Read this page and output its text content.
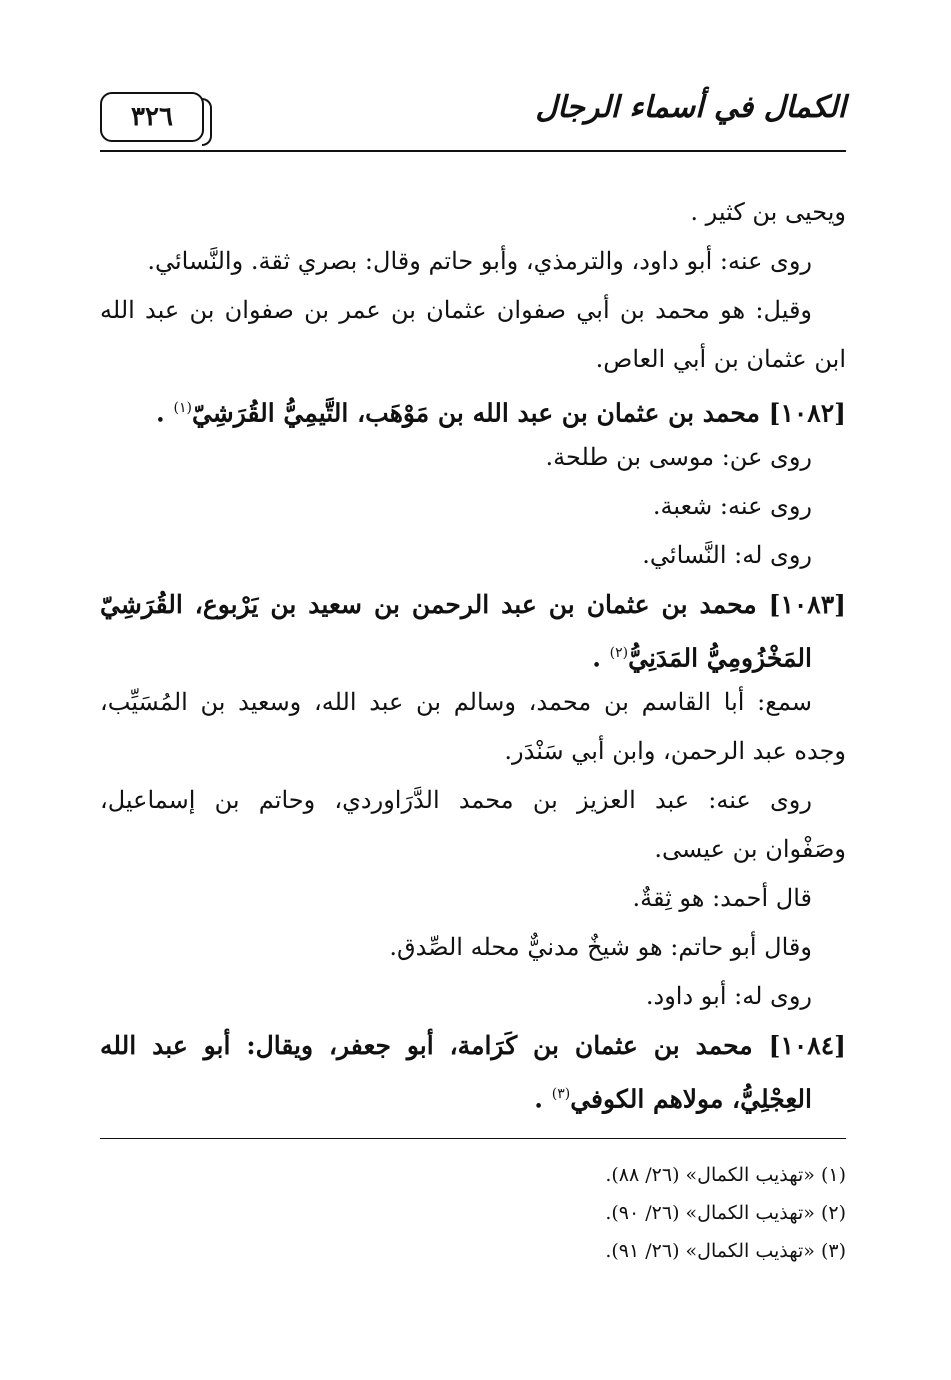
٣٢٦	الكمال في أسماء الرجال
ويحيى بن كثير .
روى عنه: أبو داود، والترمذي، وأبو حاتم وقال: بصري ثقة. والنَّسائي.
وقيل: هو محمد بن أبي صفوان عثمان بن عمر بن صفوان بن عبد الله
ابن عثمان بن أبي العاص.
[١٠٨٢] محمد بن عثمان بن عبد الله بن مَوْهَب، التَّيمِيُّ القُرَشِيّ$^{(١)}$ .
روى عن: موسى بن طلحة.
روى عنه: شعبة.
روى له: النَّسائي.
[١٠٨٣] محمد بن عثمان بن عبد الرحمن بن سعيد بن يَرْبوع، القُرَشِيّ
المَخْزُومِيُّ المَدَنِيُّ$^{(٢)}$ .
سمع: أبا القاسم بن محمد، وسالم بن عبد الله، وسعيد بن المُسَيِّب،
وجده عبد الرحمن، وابن أبي سَنْدَر.
روى عنه: عبد العزيز بن محمد الدَّرَاوردي، وحاتم بن إسماعيل،
وصَفْوان بن عيسى.
قال أحمد: هو ثِقةٌ.
وقال أبو حاتم: هو شيخٌ مدنيٌّ محله الصِّدق.
روى له: أبو داود.
[١٠٨٤] محمد بن عثمان بن كَرَامة، أبو جعفر، ويقال: أبو عبد الله
العِجْلِيُّ، مولاهم الكوفي$^{(٣)}$ .
(١) «تهذيب الكمال» (٢٦/ ٨٨).
(٢) «تهذيب الكمال» (٢٦/ ٩٠).
(٣) «تهذيب الكمال» (٢٦/ ٩١).
